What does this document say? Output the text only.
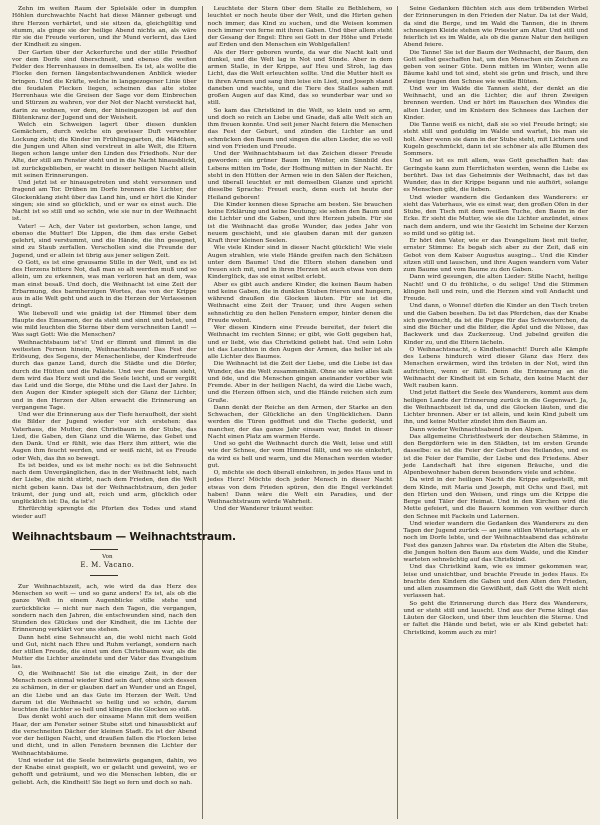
Zehn im weiten Raum der Spielsäle oder in dumpfen Höhlen durchwachte Nacht hat diese Männer gebeugt und ihre Herzen verhärtet, und sie sitzen da, gleichgültig und stumm, als ginge sie der heilige Abend nichts an, als wäre für sie die Freude verloren, und ihr Mund verlernt, das Lied der Kindheit zu singen.

Der Garten über der Ackerfurche und der stille Friedhof vor dem Dorfe sind überschneit, und ebenso die weiten Felder des Herrenhauses in demselben. Es ist, als wollte die Flocke den fernen längstentschwundenen Anblick wieder bringen. Und die Kräfte, welche in langgezogener Linie über die feudalen Flecken liegen, scheinen das alte stolze Herrenhaus wie die Greisen der Sage vor dem Einbrechen und Stürzen zu wahren, vor der Not der Nacht versteckt hat, darin zu wohnen, vor dem, der hineingezogen ist auf den Blütenkranz der Jugend und der Weisheit.

Welch ein Schweigen lagert über diesen dunklen Gemächern, durch welche ein gewisser Duft verwehter Lockung zieht; die Kinder im Frühlingsgarten, die Mädchen, die Jungen und Alten sind verstreut in alle Welt, die Eltern liegen schon lange unter den Linden des Friedhofs. Nur der Alte, der still am Fenster steht und in die Nacht hinausblickt, ist zurückgeblieben, er wacht in dieser heiligen Nacht allein mit seinen Erinnerungen.

Und jetzt ist er hinausgetreten und steht versonnen und fragend am Tor. Drüben im Dorfe brennen die Lichter, der Glockenklang zieht über das Land hin, und er hört die Kinder singen; sie sind so glücklich, und er war es einst auch. Die Nacht ist so still und so schön, wie sie nur in der Weihnacht ist.

Vater! — Ach, der Vater ist gestorben, schon lange, und ebenso die Mutter! Die Lippen, die ihm das erste Gebet gelehrt, sind verstummt, und die Hände, die ihn gesegnet, sind zu Staub zerfallen. Verschollen sind die Freunde der Jugend, und er allein ist übrig aus jener seligen Zeit.

O Gott, es ist eine grausame Stille in der Welt, und es ist des Herzens bittere Not, daß man so alt werden muß und so allein, um zu erkennen, was man verloren hat an dem, was man einst besaß. Und doch, die Weihnacht ist eine Zeit der Erbarmung, des barmherzigen Wortes, das von der Krippe aus in alle Welt geht und auch in die Herzen der Verlassenen dringt.

Wie liebevoll und wie gnädig ist der Himmel über dem Haupte des Einsamen, der da steht und sinnt und betet, und wie mild leuchten die Sterne über dem verschneiten Land! — Was sagt Gott: Wie die Menschen?

Weihnachtsbaum ist's! Und er flimmt und flimmt in die weitesten Fernen hinein, Weihnachtsbaum! Das Fest der Erlösung, des Segens, der Menschenliebe, der Kinderfreude durch das ganze Land, durch die Städte und die Dörfer, durch die Hütten und die Paläste. Und wer den Baum sieht, dem wird das Herz weit und die Seele leicht, und er vergißt das Leid und die Sorge, die Mühe und die Last der Jahre. In den Augen der Kinder spiegelt sich der Glanz der Lichter, und in den Herzen der Alten erwacht die Erinnerung an vergangene Tage.

Und wer die Erinnerung aus der Tiefe heraufholt, der sieht die Bilder der Jugend wieder vor sich erstehen: das Vaterhaus, die Mutter, den Christbaum in der Stube, das Lied, die Gaben, den Glanz und die Wärme, das Gebet und den Dank. Und er fühlt, wie das Herz ihm zittert, wie die Augen ihm feucht werden, und er weiß nicht, ist es Freude oder Weh, das ihn so bewegt.

Es ist beides, und es ist mehr noch: es ist die Sehnsucht nach dem Unvergänglichen, das in der Weihnacht lebt, nach der Liebe, die nicht stirbt, nach dem Frieden, den die Welt nicht geben kann. Das ist der Weihnachtstraum, den jeder träumt, der jung und alt, reich und arm, glücklich oder unglücklich ist: Da, da ist's!

Ehrfürchtig sprengte die Pforten des Todes und stand wieder auf!

Weihnachtsbaum — Weihnachtstraum.

Von

E. M. Vacano.

Zur Weihnachtszeit, ach, wie wird da das Herz des Menschen so weit — und so ganz anders! Es ist, als ob die ganze Welt in einem Augenblicke stille stehe und zurückblicke — nicht nur nach den Tagen, die vergangen, sondern nach den Jahren, die entschwunden sind, nach den Stunden des Glückes und der Kindheit, die im Lichte der Erinnerung verklärt vor uns stehen.

Dann hebt eine Sehnsucht an, die wohl nicht nach Gold und Gut, nicht nach Ehre und Ruhm verlangt, sondern nach der stillen Freude, die einst um den Christbaum war, als die Mutter die Lichter anzündete und der Vater das Evangelium las.

O, die Weihnacht! Sie ist die einzige Zeit, in der der Mensch noch einmal wieder Kind sein darf, ohne sich dessen zu schämen, in der er glauben darf an Wunder und an Engel, an die Liebe und an das Gute im Herzen der Welt. Und darum ist die Weihnacht so heilig und so schön, darum leuchten die Lichter so hell und klingen die Glocken so süß.

Das denkt wohl auch der einsame Mann mit dem weißen Haar, der am Fenster seiner Stube sitzt und hinausblickt auf die verschneiten Dächer der kleinen Stadt. Es ist der Abend vor der heiligen Nacht, und draußen fallen die Flocken leise und dicht, und in allen Fenstern brennen die Lichter der Weihnachtsbäume.

Und wieder ist die Seele heimwärts gegangen, dahin, wo der Knabe einst gespielt, wo er gelacht und geweint, wo er gehofft und geträumt, und wo die Menschen lebten, die er geliebt. Ach, die Kindheit! Sie liegt so fern und doch so nah.

Leuchtete der Stern über dem Stalle zu Bethlehem, so leuchtet er noch heute über der Welt, und die Hirten gehen noch immer, das Kind zu suchen, und die Weisen kommen noch immer von ferne mit ihren Gaben. Und über allem steht der Gesang der Engel: Ehre sei Gott in der Höhe und Friede auf Erden und den Menschen ein Wohlgefallen!

Als der Herr geboren wurde, da war die Nacht kalt und dunkel, und die Welt lag in Not und Sünde. Aber in dem armen Stalle, in der Krippe, auf Heu und Stroh, lag das Licht, das die Welt erleuchten sollte. Und die Mutter hielt es in ihren Armen und sang ihm leise ein Lied, und Joseph stand daneben und wachte, und die Tiere des Stalles sahen mit großen Augen auf das Kind, das so wunderbar war und so still.

So kam das Christkind in die Welt, so klein und so arm, und doch so reich an Liebe und Gnade, daß alle Welt sich an ihm freuen konnte. Und seit jener Nacht feiern die Menschen das Fest der Geburt, und zünden die Lichter an und schmücken den Baum und singen die alten Lieder, die so voll sind von Frieden und Freude.

Und der Weihnachtsbaum ist das Zeichen dieser Freude geworden: ein grüner Baum im Winter, ein Sinnbild des Lebens mitten im Tode, der Hoffnung mitten in der Nacht. Er steht in den Hütten der Armen wie in den Sälen der Reichen, und überall leuchtet er mit demselben Glanze und spricht dieselbe Sprache: Freuet euch, denn euch ist heute der Heiland geboren!

Die Kinder kennen diese Sprache am besten. Sie brauchen keine Erklärung und keine Deutung; sie sehen den Baum und die Lichter und die Gaben, und ihre Herzen jubeln. Für sie ist die Weihnacht das große Wunder, das jedes Jahr von neuem geschieht, und sie glauben daran mit der ganzen Kraft ihrer kleinen Seelen.

Wie viele Kinder sind in dieser Nacht glücklich! Wie viele Augen strahlen, wie viele Hände greifen nach den Schätzen unter dem Baume! Und die Eltern stehen daneben und freuen sich mit, und in ihren Herzen ist auch etwas von dem Kinderglück, das sie einst selbst erlebt.

Aber es gibt auch andere Kinder, die keinen Baum haben und keine Gaben, die in dunklen Stuben frieren und hungern, während draußen die Glocken läuten. Für sie ist die Weihnacht eine Zeit der Trauer, und ihre Augen sehen sehnsüchtig zu den hellen Fenstern empor, hinter denen die Freude wohnt.

Wer diesen Kindern eine Freude bereitet, der feiert die Weihnacht im rechten Sinne; er gibt, wie Gott gegeben hat, und er liebt, wie das Christkind geliebt hat. Und sein Lohn ist das Leuchten in den Augen der Armen, das heller ist als alle Lichter des Baumes.

Die Weihnacht ist die Zeit der Liebe, und die Liebe ist das Wunder, das die Welt zusammenhält. Ohne sie wäre alles kalt und öde, und die Menschen gingen aneinander vorüber wie Fremde. Aber in der heiligen Nacht, da wird die Liebe wach, und die Herzen öffnen sich, und die Hände reichen sich zum Gruße.

Dann denkt der Reiche an den Armen, der Starke an den Schwachen, der Glückliche an den Unglücklichen. Dann werden die Türen geöffnet und die Tische gedeckt, und mancher, der das ganze Jahr einsam war, findet in dieser Nacht einen Platz am warmen Herde.

Und so geht die Weihnacht durch die Welt, leise und still wie der Schnee, der vom Himmel fällt, und wo sie einkehrt, da wird es hell und warm, und die Menschen werden wieder gut.

O, möchte sie doch überall einkehren, in jedes Haus und in jedes Herz! Möchte doch jeder Mensch in dieser Nacht etwas von dem Frieden spüren, den die Engel verkündet haben! Dann wäre die Welt ein Paradies, und der Weihnachtstraum würde Wahrheit.

Und der Wanderer träumt weiter.

Seine Gedanken flüchten sich aus dem trübenden Wirbel der Erinnerungen in den Frieden der Natur. Da ist der Wald, da sind die Berge, und im Wald die Tannen, die in ihrem schneeigen Kleide stehen wie Priester am Altar. Und still und feierlich ist es im Walde, als ob die ganze Natur den heiligen Abend feiere.

Die Tanne! Sie ist der Baum der Weihnacht, der Baum, den Gott selbst geschaffen hat, um den Menschen ein Zeichen zu geben von seiner Güte. Denn mitten im Winter, wenn alle Bäume kahl und tot sind, steht sie grün und frisch, und ihre Zweige tragen den Schnee wie weiße Blüten.

Und wer im Walde die Tannen sieht, der denkt an die Weihnacht, und an die Lichter, die auf ihren Zweigen brennen werden. Und er hört im Rauschen des Windes die alten Lieder, und im Knistern des Schnees das Lachen der Kinder.

Die Tanne weiß es nicht, daß sie so viel Freude bringt; sie steht still und geduldig im Walde und wartet, bis man sie holt. Aber wenn sie dann in der Stube steht, mit Lichtern und Kugeln geschmückt, dann ist sie schöner als alle Blumen des Sommers.

Und so ist es mit allem, was Gott geschaffen hat: das Geringste kann zum Herrlichsten werden, wenn die Liebe es berührt. Das ist das Geheimnis der Weihnacht, das ist das Wunder, das in der Krippe begann und nie aufhört, solange es Menschen gibt, die lieben.

Und wieder wandern die Gedanken des Wanderers: er sieht das Vaterhaus, wie es einst war, den großen Ofen in der Stube, den Tisch mit dem weißen Tuche, den Baum in der Ecke. Er sieht die Mutter, wie sie die Lichter anzündet, eines nach dem andern, und wie ihr Gesicht im Scheine der Kerzen so mild und so gütig ist.

Er hört den Vater, wie er das Evangelium liest mit tiefer, ernster Stimme: Es begab sich aber zu der Zeit, daß ein Gebot von dem Kaiser Augustus ausging... Und die Kinder sitzen still und lauschen, und ihre Augen wandern vom Vater zum Baume und vom Baume zu den Gaben.

Dann wird gesungen, die alten Lieder: Stille Nacht, heilige Nacht! und O du fröhliche, o du selige! Und die Stimmen klingen hell und rein, und die Herzen sind voll Andacht und Freude.

Und dann, o Wonne! dürfen die Kinder an den Tisch treten und die Gaben besehen. Da ist das Pferdchen, das der Knabe sich gewünscht, da ist die Puppe für das Schwesterchen, da sind die Bücher und die Bilder, die Äpfel und die Nüsse, das Backwerk und das Zuckerzeug. Und jubelnd greifen die Kinder zu, und die Eltern lächeln.

O Weihnachtsnacht, o Kindheitsnacht! Durch alle Kämpfe des Lebens hindurch wird dieser Glanz das Herz des Menschen erwärmen, wird ihn trösten in der Not, wird ihn aufrichten, wenn er fällt. Denn die Erinnerung an die Weihnacht der Kindheit ist ein Schatz, den keine Macht der Welt rauben kann.

Und jetzt flattert die Seele des Wanderers, kommt aus dem heiligen Lande der Erinnerung zurück in die Gegenwart. Ja, die Weihnachtszeit ist da, und die Glocken läuten, und die Lichter brennen. Aber er ist allein, und kein Kind jubelt um ihn, und keine Mutter zündet ihm den Baum an.

Dann wieder Weihnachtsabend in den Alpen.

Das allgemeine Christfestwerk der deutschen Stämme, in den Bergdörfern wie in den Städten, ist im ersten Grunde dasselbe: es ist die Feier der Geburt des Heilandes, und es ist die Feier der Familie, der Liebe und des Friedens. Aber jede Landschaft hat ihre eigenen Bräuche, und die Alpenbewohner haben deren besonders viele und schöne.

Da wird in der heiligen Nacht die Krippe aufgestellt, mit dem Kinde, mit Maria und Joseph, mit Ochs und Esel, mit den Hirten und den Weisen, und rings um die Krippe die Berge und Täler der Heimat. Und in den Kirchen wird die Mette gefeiert, und die Bauern kommen von weither durch den Schnee mit Fackeln und Laternen.

Und wieder wandern die Gedanken des Wanderers zu den Tagen der Jugend zurück — an jene stillen Wintertage, als er noch im Dorfe lebte, und der Weihnachtsabend das schönste Fest des ganzen Jahres war. Da rüsteten die Alten die Stube, die Jungen holten den Baum aus dem Walde, und die Kinder warteten sehnsüchtig auf das Christkind.

Und das Christkind kam, wie es immer gekommen war, leise und unsichtbar, und brachte Freude in jedes Haus. Es brachte den Kindern die Gaben und den Alten den Frieden, und allen zusammen die Gewißheit, daß Gott die Welt nicht verlassen hat.

So geht die Erinnerung durch das Herz des Wanderers, und er steht still und lauscht. Und aus der Ferne klingt das Läuten der Glocken, und über ihm leuchten die Sterne. Und er faltet die Hände und betet, wie er als Kind gebetet hat: Christkind, komm auch zu mir!
